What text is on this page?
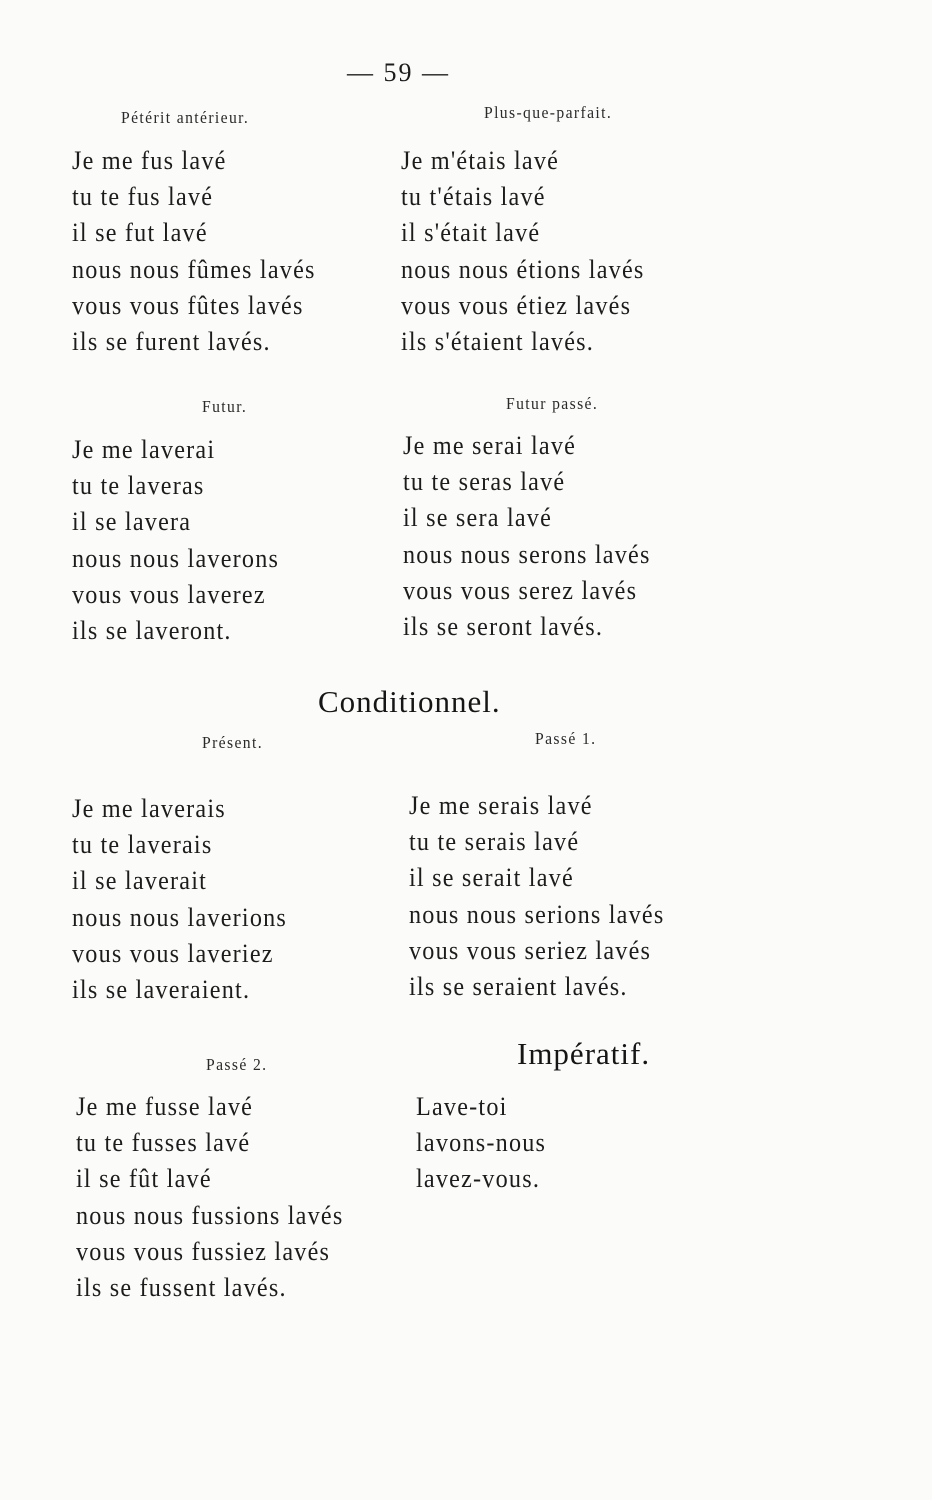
— 59 —
Pétérit antérieur.
Je me fus lavé
tu te fus lavé
il se fut lavé
nous nous fûmes lavés
vous vous fûtes lavés
ils se furent lavés.
Plus-que-parfait.
Je m'étais lavé
tu t'étais lavé
il s'était lavé
nous nous étions lavés
vous vous étiez lavés
ils s'étaient lavés.
Futur.
Je me laverai
tu te laveras
il se lavera
nous nous laverons
vous vous laverez
ils se laveront.
Futur passé.
Je me serai lavé
tu te seras lavé
il se sera lavé
nous nous serons lavés
vous vous serez lavés
ils se seront lavés.
Conditionnel.
Présent.
Je me laverais
tu te laverais
il se laverait
nous nous laverions
vous vous laveriez
ils se laveraient.
Passé 1.
Je me serais lavé
tu te serais lavé
il se serait lavé
nous nous serions lavés
vous vous seriez lavés
ils se seraient lavés.
Passé 2.
Je me fusse lavé
tu te fusses lavé
il se fût lavé
nous nous fussions lavés
vous vous fussiez lavés
ils se fussent lavés.
Impératif.
Lave-toi
lavons-nous
lavez-vous.
